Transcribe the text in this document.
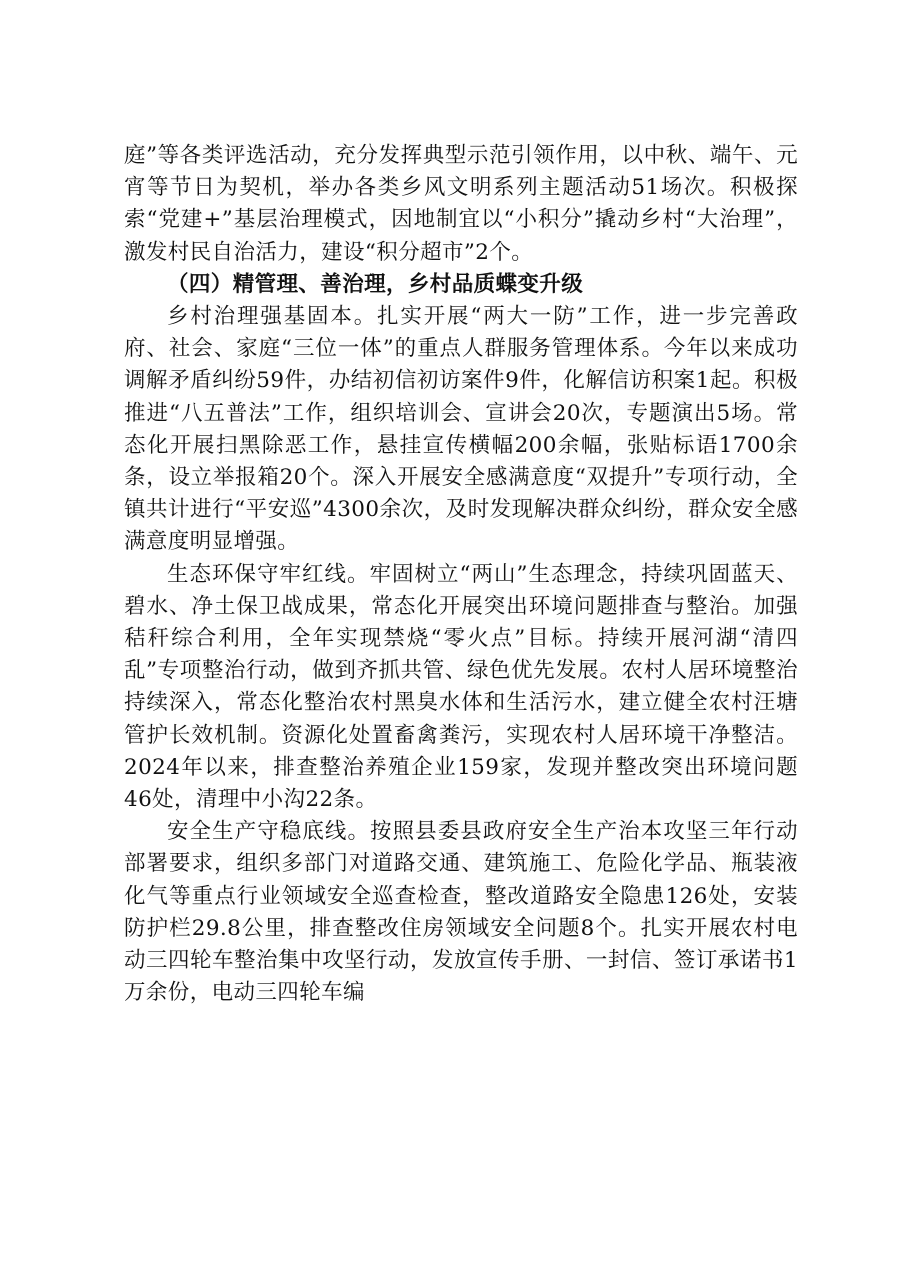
庭”等各类评选活动，充分发挥典型示范引领作用，以中秋、端午、元宵等节日为契机，举办各类乡风文明系列主题活动51场次。积极探索“党建+”基层治理模式，因地制宜以“小积分”撬动乡村“大治理”，激发村民自治活力，建设“积分超市”2个。

（四）精管理、善治理，乡村品质蝶变升级

乡村治理强基固本。扎实开展“两大一防”工作，进一步完善政府、社会、家庭“三位一体”的重点人群服务管理体系。今年以来成功调解矛盾纠纷59件，办结初信初访案件9件，化解信访积案1起。积极推进“八五普法”工作，组织培训会、宣讲会20次，专题演出5场。常态化开展扫黑除恶工作，悬挂宣传横幅200余幅，张贴标语1700余条，设立举报箱20个。深入开展安全感满意度“双提升”专项行动，全镇共计进行“平安巡”4300余次，及时发现解决群众纠纷，群众安全感满意度明显增强。

生态环保守牢红线。牢固树立“两山”生态理念，持续巩固蓝天、碧水、净土保卫战成果，常态化开展突出环境问题排查与整治。加强秸秆综合利用，全年实现禁烧“零火点”目标。持续开展河湖“清四乱”专项整治行动，做到齐抓共管、绿色优先发展。农村人居环境整治持续深入，常态化整治农村黑臭水体和生活污水，建立健全农村汪塘管护长效机制。资源化处置畜禽粪污，实现农村人居环境干净整洁。2024年以来，排查整治养殖企业159家，发现并整改突出环境问题46处，清理中小沟22条。

安全生产守稳底线。按照县委县政府安全生产治本攻坚三年行动部署要求，组织多部门对道路交通、建筑施工、危险化学品、瓶装液化气等重点行业领域安全巡查检查，整改道路安全隐患126处，安装防护栏29.8公里，排查整改住房领域安全问题8个。扎实开展农村电动三四轮车整治集中攻坚行动，发放宣传手册、一封信、签订承诺书1万余份，电动三四轮车编
